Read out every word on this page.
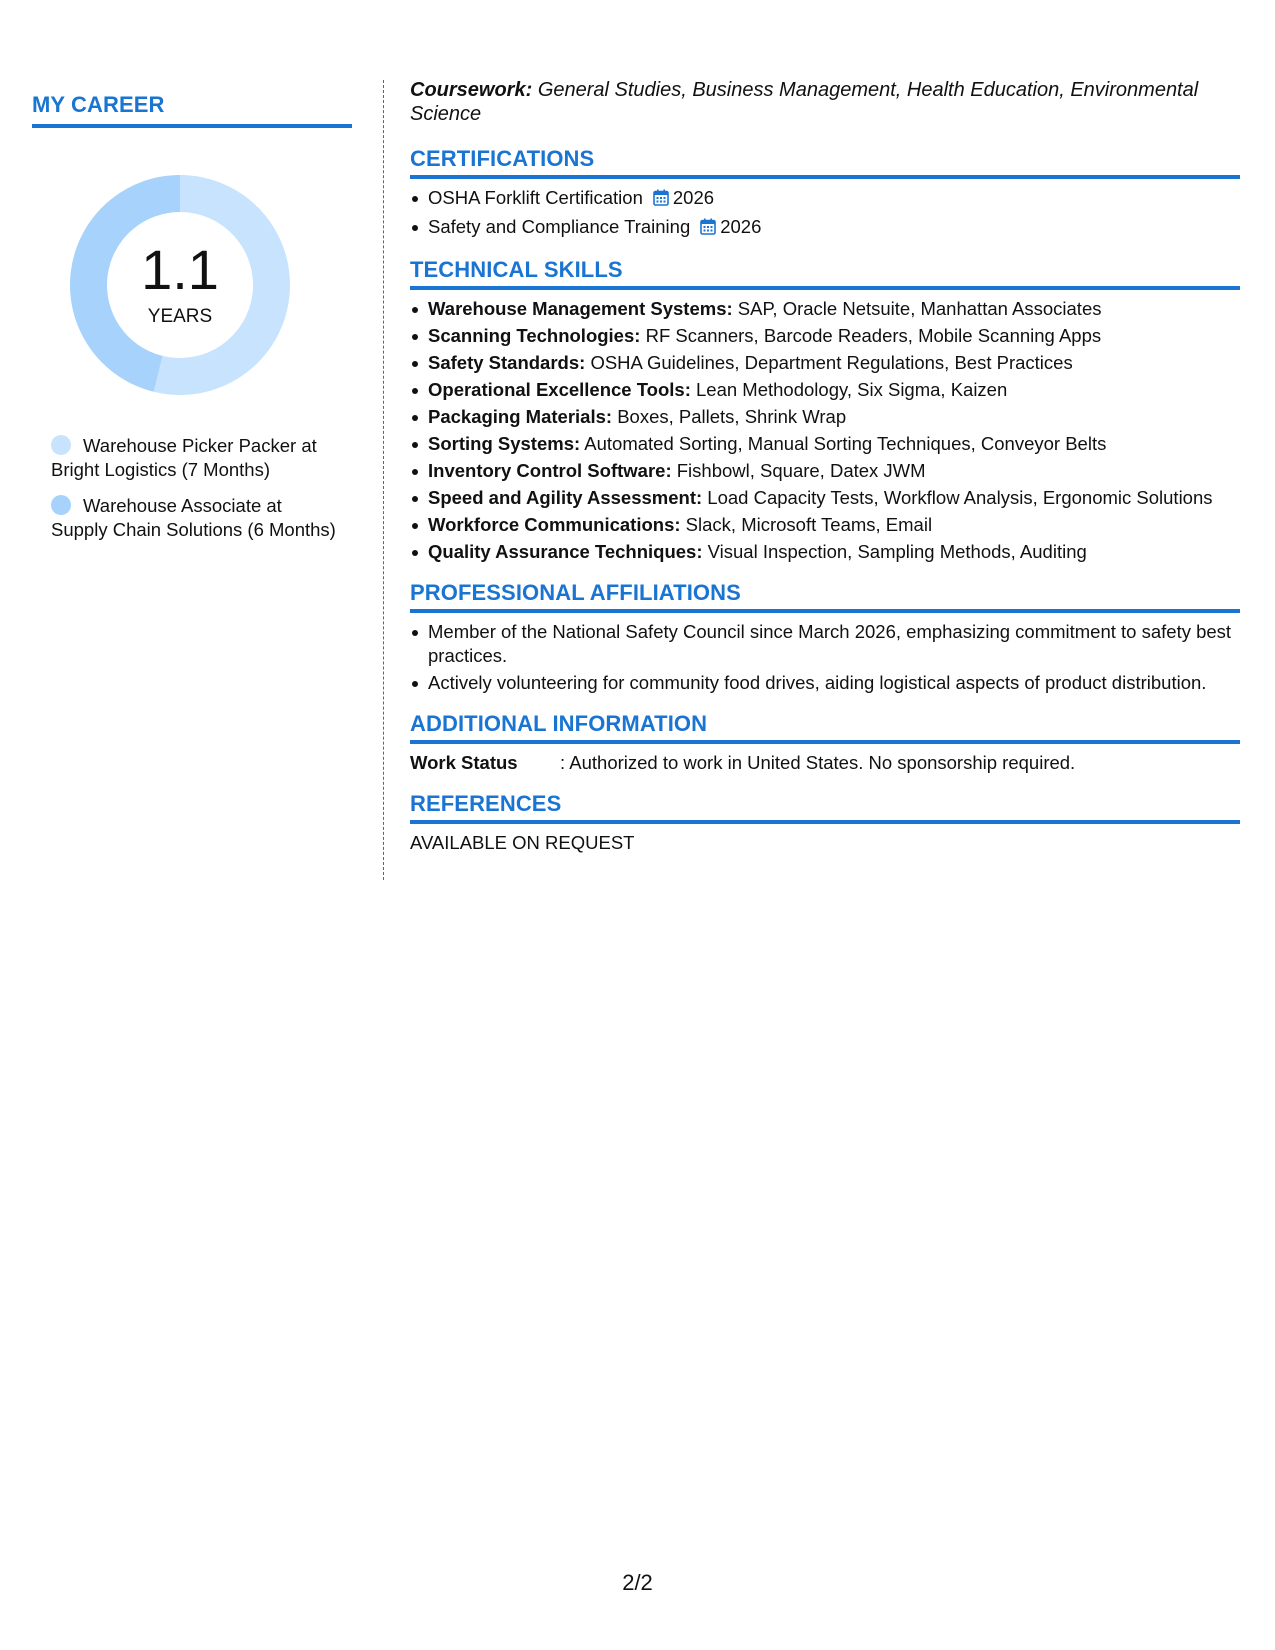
MY CAREER
1.1
YEARS
Warehouse Picker Packer at Bright Logistics (7 Months)
Warehouse Associate at Supply Chain Solutions (6 Months)

Coursework: General Studies, Business Management, Health Education, Environmental Science

CERTIFICATIONS
OSHA Forklift Certification 2026
Safety and Compliance Training 2026
TECHNICAL SKILLS
Warehouse Management Systems: SAP, Oracle Netsuite, Manhattan Associates
Scanning Technologies: RF Scanners, Barcode Readers, Mobile Scanning Apps
Safety Standards: OSHA Guidelines, Department Regulations, Best Practices
Operational Excellence Tools: Lean Methodology, Six Sigma, Kaizen
Packaging Materials: Boxes, Pallets, Shrink Wrap
Sorting Systems: Automated Sorting, Manual Sorting Techniques, Conveyor Belts
Inventory Control Software: Fishbowl, Square, Datex JWM
Speed and Agility Assessment: Load Capacity Tests, Workflow Analysis, Ergonomic Solutions
Workforce Communications: Slack, Microsoft Teams, Email
Quality Assurance Techniques: Visual Inspection, Sampling Methods, Auditing
PROFESSIONAL AFFILIATIONS
Member of the National Safety Council since March 2026, emphasizing commitment to safety best practices.
Actively volunteering for community food drives, aiding logistical aspects of product distribution.
ADDITIONAL INFORMATION
Work Status : Authorized to work in United States. No sponsorship required.
REFERENCES
AVAILABLE ON REQUEST
2/2
